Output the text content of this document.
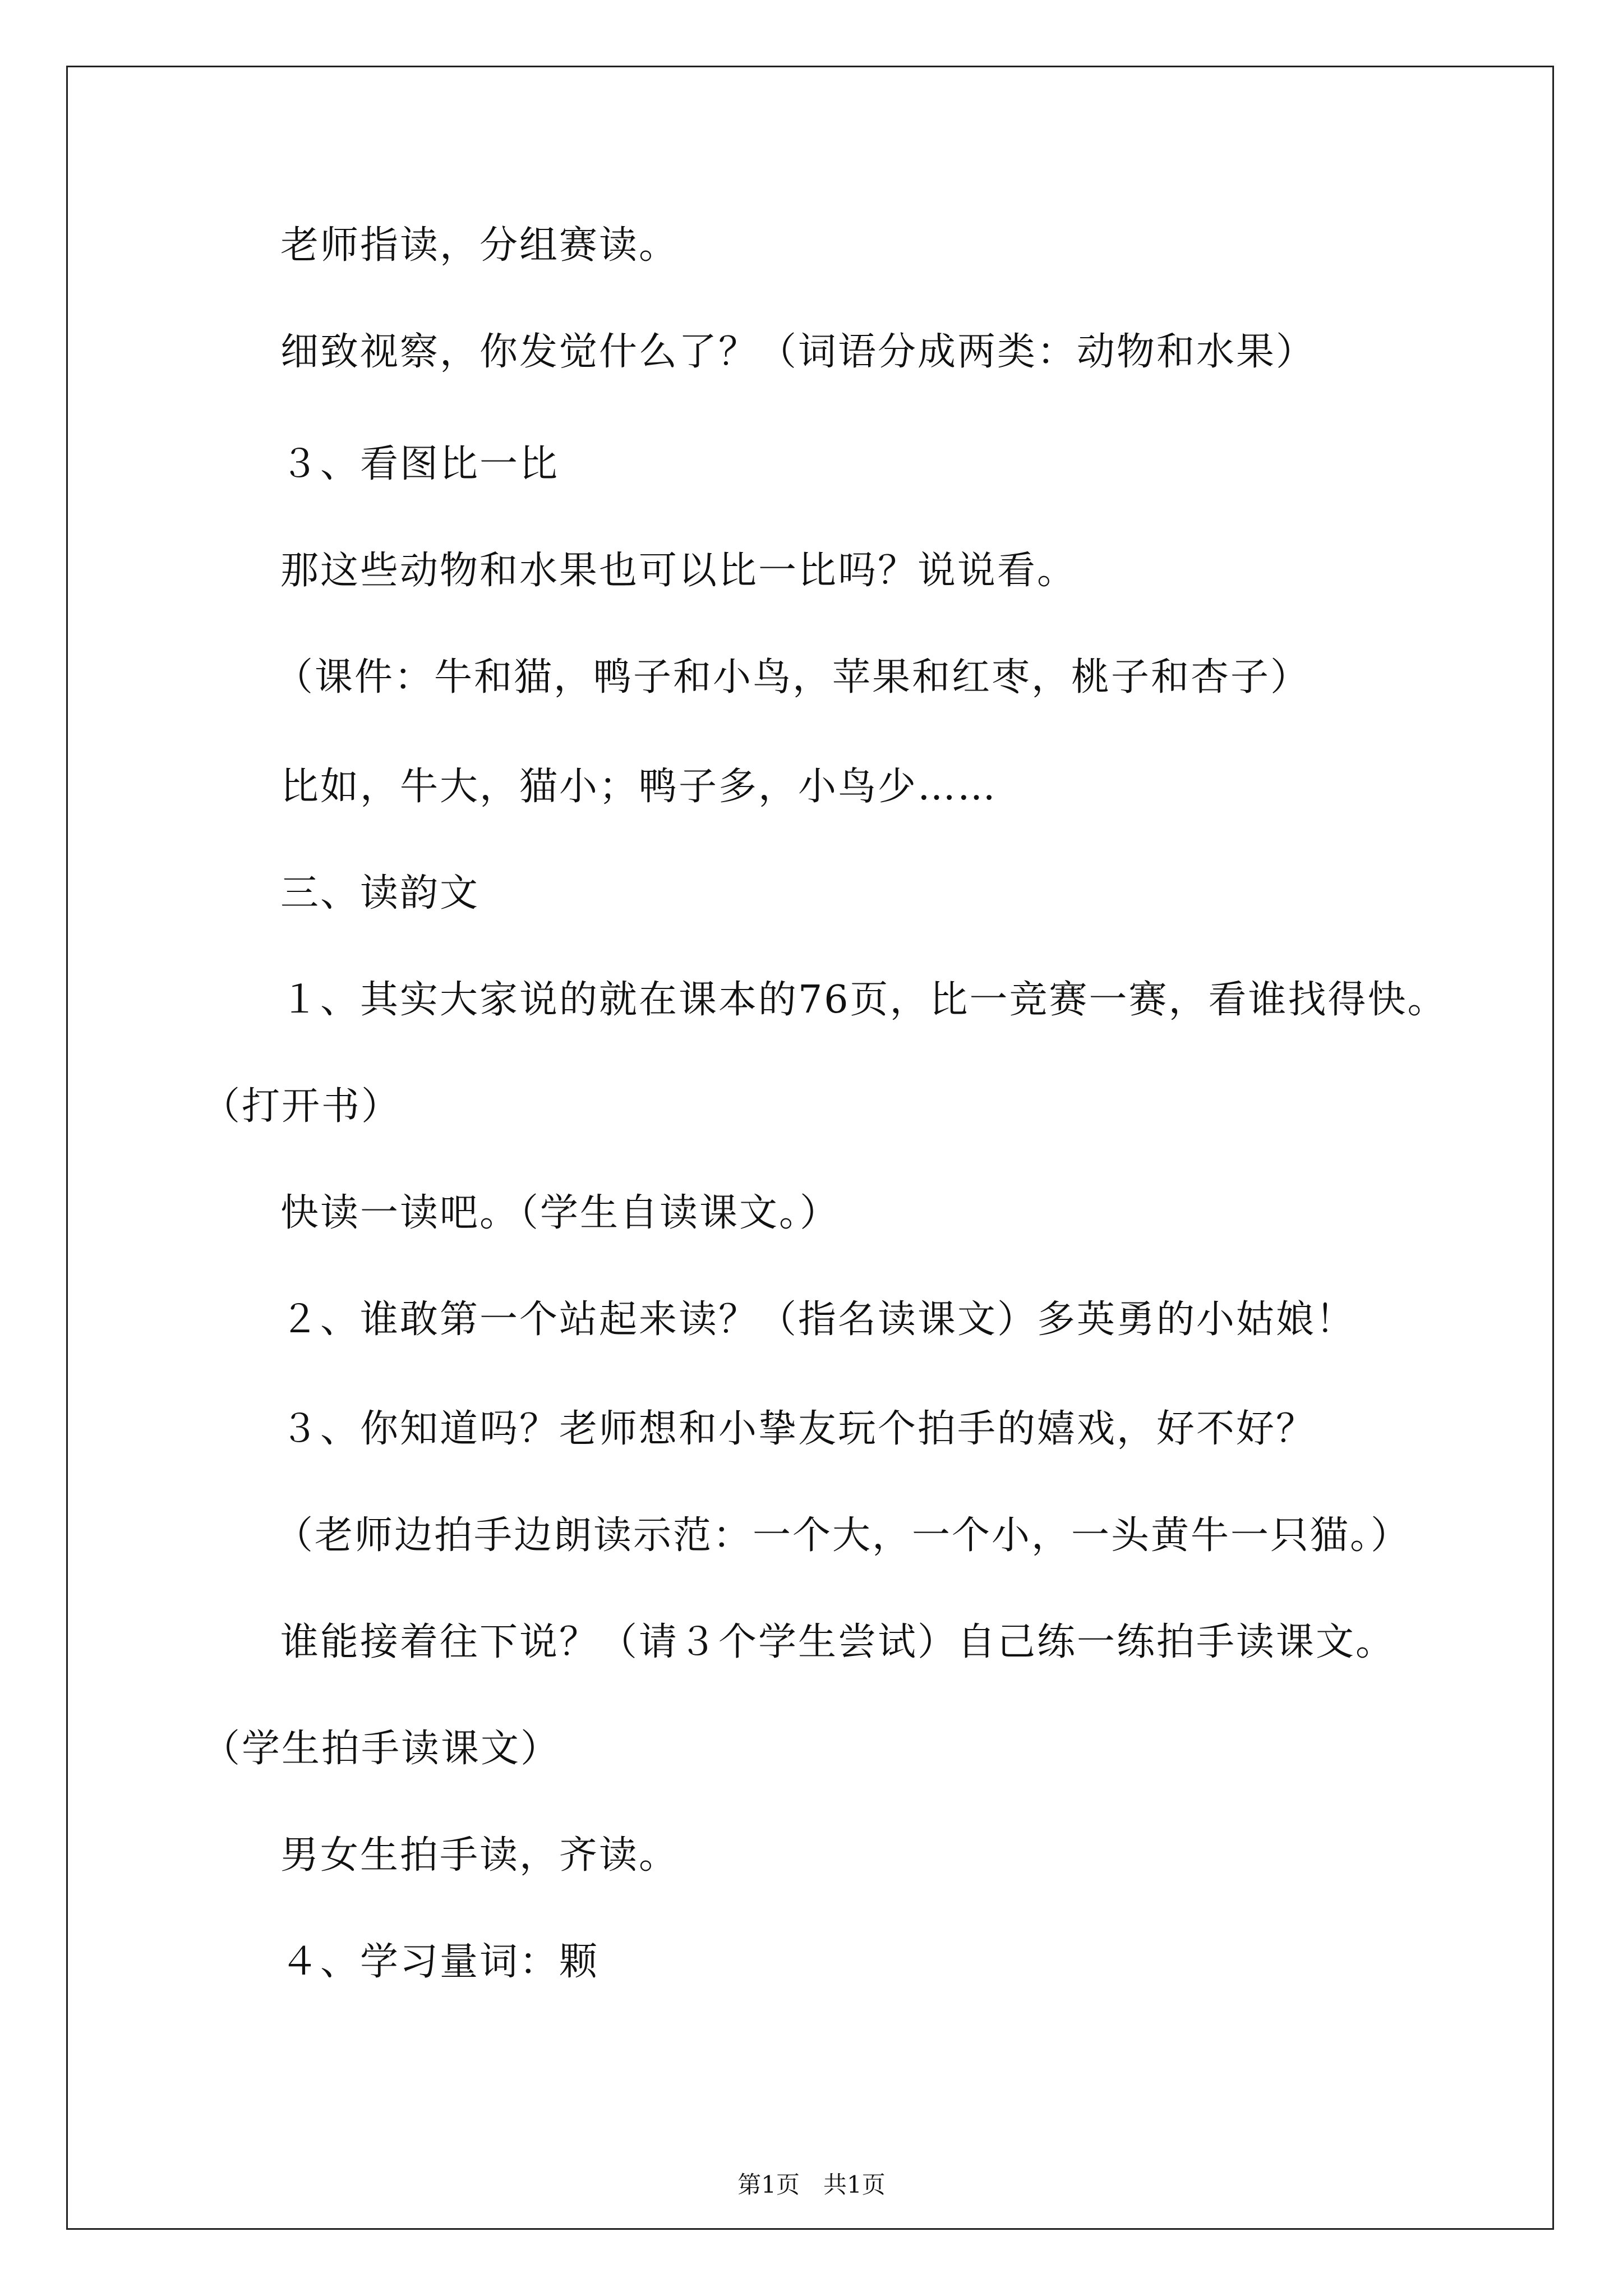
老师指读，分组赛读。
细致视察，你发觉什么了？（词语分成两类：动物和水果）
３、看图比一比
那这些动物和水果也可以比一比吗？说说看。
（课件：牛和猫，鸭子和小鸟，苹果和红枣，桃子和杏子）
比如，牛大，猫小；鸭子多，小鸟少……
三、读韵文
１、其实大家说的就在课本的76页，比一竞赛一赛，看谁找得快。
（打开书）
快读一读吧。（学生自读课文。）
２、谁敢第一个站起来读？（指名读课文）多英勇的小姑娘！
３、你知道吗？老师想和小挚友玩个拍手的嬉戏，好不好？
（老师边拍手边朗读示范：一个大，一个小，一头黄牛一只猫。）
谁能接着往下说？（请３个学生尝试）自己练一练拍手读课文。
（学生拍手读课文）
男女生拍手读，齐读。
４、学习量词：颗
第1页　共1页
